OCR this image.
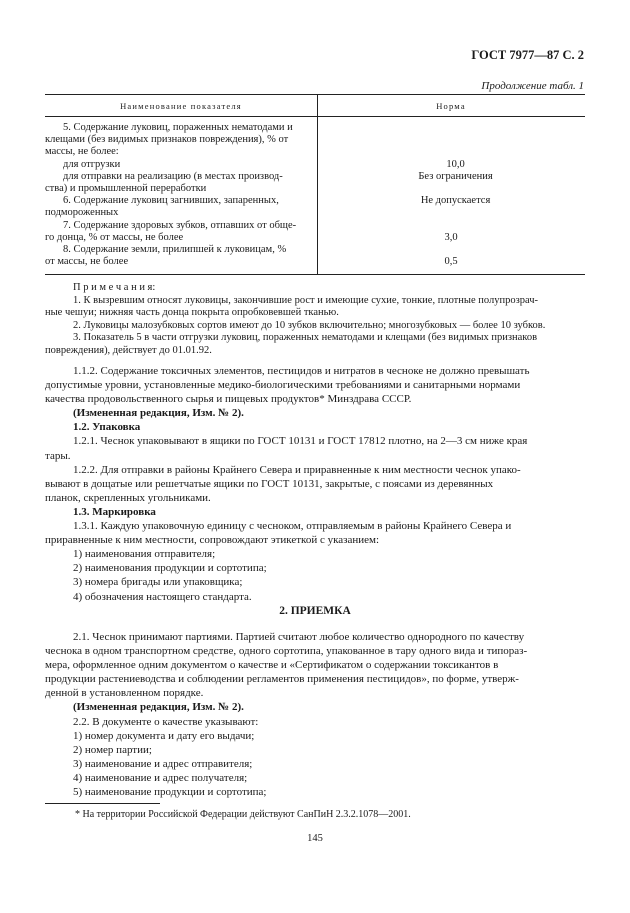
ГОСТ 7977—87 С. 2
Продолжение табл. 1
Наименование показателя	Норма
5. Содержание луковиц, пораженных нематодами и
клещами (без видимых признаков повреждения), % от
массы, не более:
для отгрузки	10,0
для отправки на реализацию (в местах производ-	Без ограничения
ства) и промышленной переработки
6. Содержание луковиц загнивших, запаренных,	Не допускается
подмороженных
7. Содержание здоровых зубков, отпавших от обще-
го донца, % от массы, не более	3,0
8. Содержание земли, прилипшей к луковицам, %
от массы, не более	0,5
П р и м е ч а н и я:
1. К вызревшим относят луковицы, закончившие рост и имеющие сухие, тонкие, плотные полупрозрач-
ные чешуи; нижняя часть донца покрыта опробковевшей тканью.
2. Луковицы малозубковых сортов имеют до 10 зубков включительно; многозубковых — более 10 зубков.
3. Показатель 5 в части отгрузки луковиц, пораженных нематодами и клещами (без видимых признаков
повреждения), действует до 01.01.92.
1.1.2. Содержание токсичных элементов, пестицидов и нитратов в чесноке не должно превышать
допустимые уровни, установленные медико-биологическими требованиями и санитарными нормами
качества продовольственного сырья и пищевых продуктов* Минздрава СССР.
(Измененная редакция, Изм. № 2).
1.2. Упаковка
1.2.1. Чеснок упаковывают в ящики по ГОСТ 10131 и ГОСТ 17812 плотно, на 2—3 см ниже края
тары.
1.2.2. Для отправки в районы Крайнего Севера и приравненные к ним местности чеснок упако-
вывают в дощатые или решетчатые ящики по ГОСТ 10131, закрытые, с поясами из деревянных
планок, скрепленных угольниками.
1.3. Маркировка
1.3.1. Каждую упаковочную единицу с чесноком, отправляемым в районы Крайнего Севера и
приравненные к ним местности, сопровождают этикеткой с указанием:
1) наименования отправителя;
2) наименования продукции и сортотипа;
3) номера бригады или упаковщика;
4) обозначения настоящего стандарта.
2. ПРИЕМКА
2.1. Чеснок принимают партиями. Партией считают любое количество однородного по качеству
чеснока в одном транспортном средстве, одного сортотипа, упакованное в тару одного вида и типораз-
мера, оформленное одним документом о качестве и «Сертификатом о содержании токсикантов в
продукции растениеводства и соблюдении регламентов применения пестицидов», по форме, утверж-
денной в установленном порядке.
(Измененная редакция, Изм. № 2).
2.2. В документе о качестве указывают:
1) номер документа и дату его выдачи;
2) номер партии;
3) наименование и адрес отправителя;
4) наименование и адрес получателя;
5) наименование продукции и сортотипа;
* На территории Российской Федерации действуют СанПиН 2.3.2.1078—2001.
145
